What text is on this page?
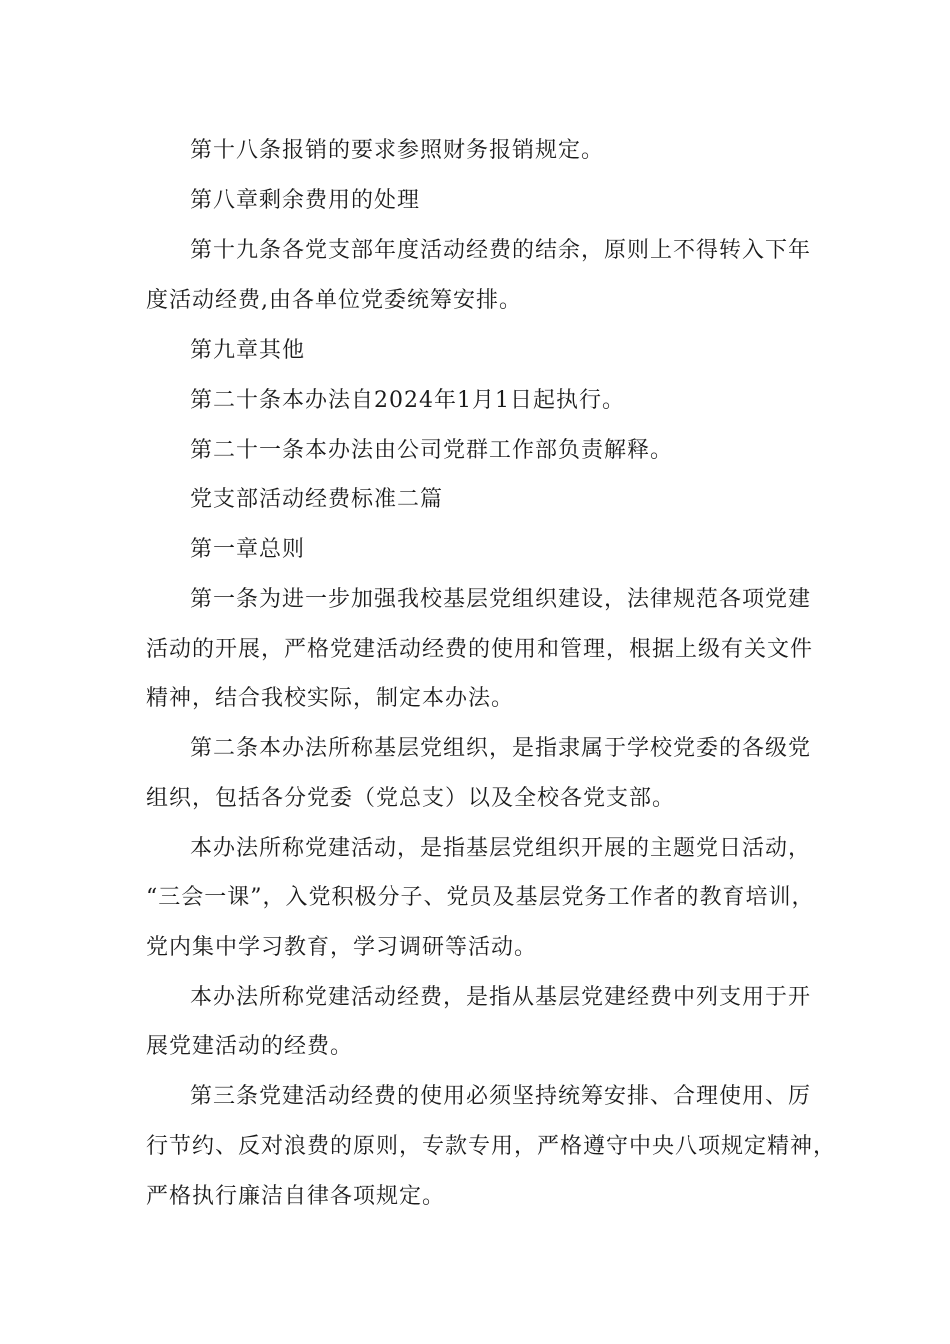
第十八条报销的要求参照财务报销规定。
第八章剩余费用的处理
第十九条各党支部年度活动经费的结余，原则上不得转入下年
度活动经费,由各单位党委统筹安排。
第九章其他
第二十条本办法自2024年1月1日起执行。
第二十一条本办法由公司党群工作部负责解释。
党支部活动经费标准二篇
第一章总则
第一条为进一步加强我校基层党组织建设，法律规范各项党建
活动的开展，严格党建活动经费的使用和管理，根据上级有关文件
精神，结合我校实际，制定本办法。
第二条本办法所称基层党组织，是指隶属于学校党委的各级党
组织，包括各分党委（党总支）以及全校各党支部。
本办法所称党建活动，是指基层党组织开展的主题党日活动，
“三会一课”，入党积极分子、党员及基层党务工作者的教育培训，
党内集中学习教育，学习调研等活动。
本办法所称党建活动经费，是指从基层党建经费中列支用于开
展党建活动的经费。
第三条党建活动经费的使用必须坚持统筹安排、合理使用、厉
行节约、反对浪费的原则，专款专用，严格遵守中央八项规定精神，
严格执行廉洁自律各项规定。
